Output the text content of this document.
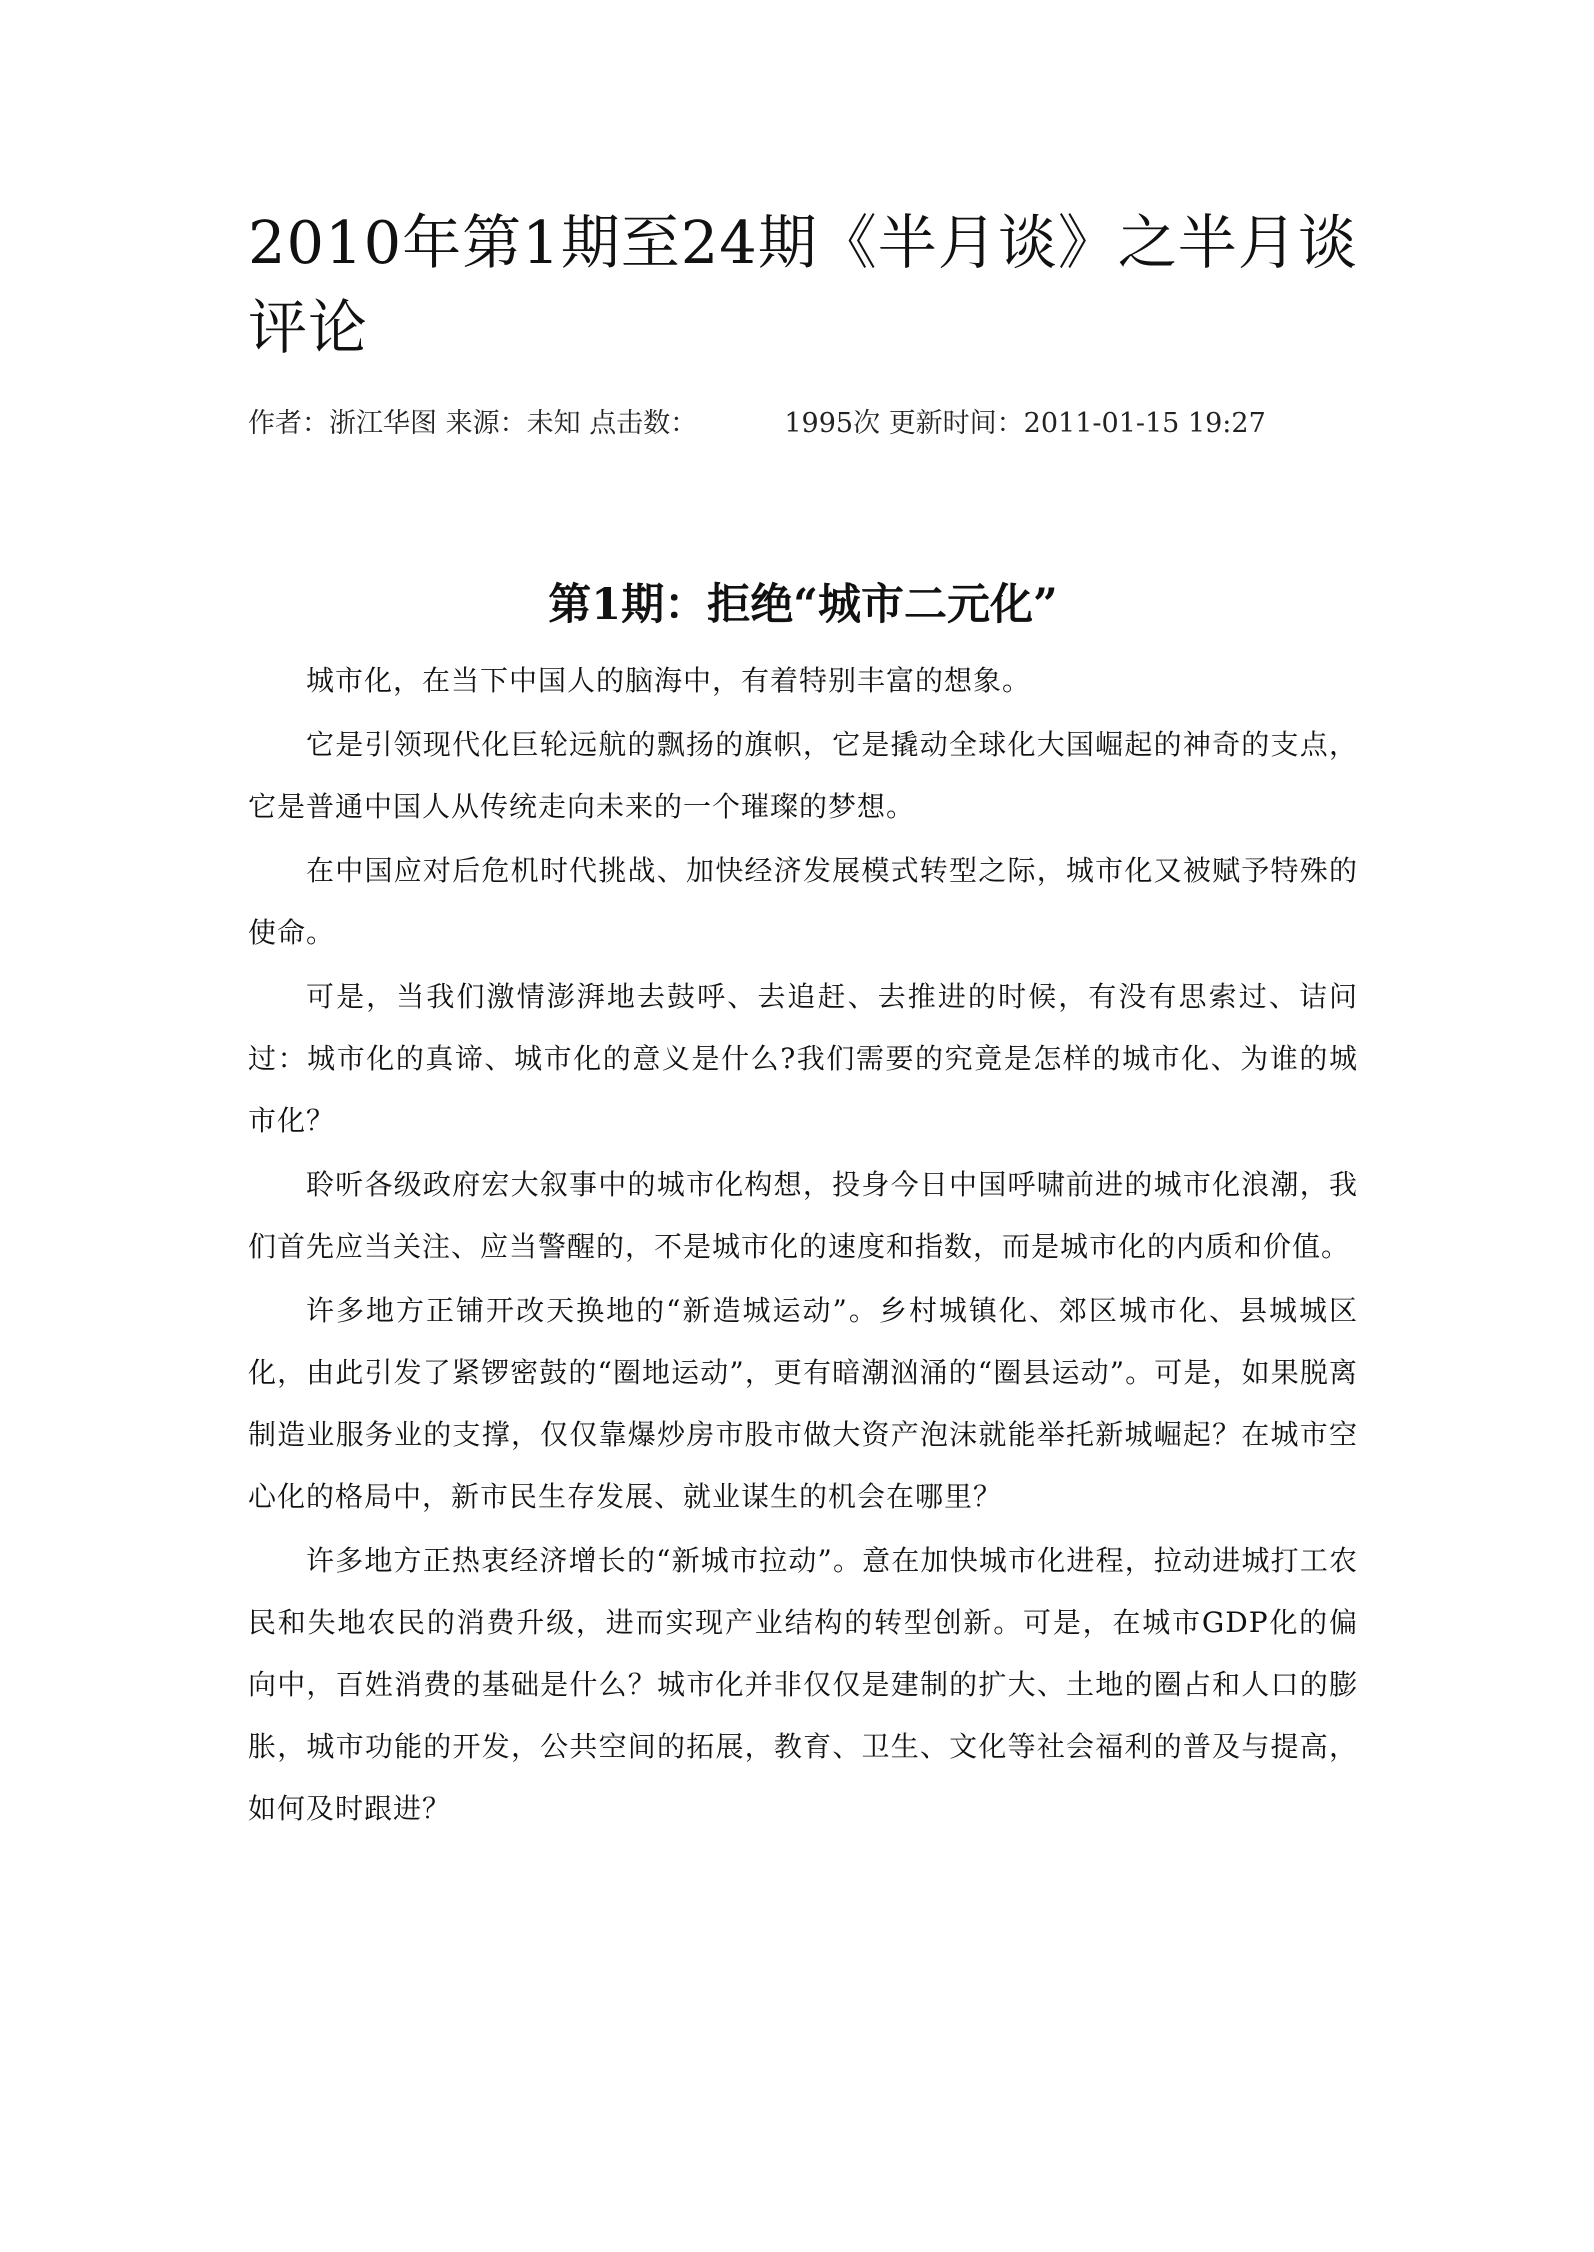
2010年第1期至24期《半月谈》之半月谈评论
作者：浙江华图 来源：未知 点击数：	1995次 更新时间：2011-01-15 19:27
第1期：拒绝“城市二元化”

城市化，在当下中国人的脑海中，有着特别丰富的想象。

它是引领现代化巨轮远航的飘扬的旗帜，它是撬动全球化大国崛起的神奇的支点，它是普通中国人从传统走向未来的一个璀璨的梦想。

在中国应对后危机时代挑战、加快经济发展模式转型之际，城市化又被赋予特殊的使命。

可是，当我们激情澎湃地去鼓呼、去追赶、去推进的时候，有没有思索过、诘问过：城市化的真谛、城市化的意义是什么?我们需要的究竟是怎样的城市化、为谁的城市化？

聆听各级政府宏大叙事中的城市化构想，投身今日中国呼啸前进的城市化浪潮，我们首先应当关注、应当警醒的，不是城市化的速度和指数，而是城市化的内质和价值。

许多地方正铺开改天换地的“新造城运动”。乡村城镇化、郊区城市化、县城城区化，由此引发了紧锣密鼓的“圈地运动”，更有暗潮汹涌的“圈县运动”。可是，如果脱离制造业服务业的支撑，仅仅靠爆炒房市股市做大资产泡沫就能举托新城崛起？在城市空心化的格局中，新市民生存发展、就业谋生的机会在哪里？

许多地方正热衷经济增长的“新城市拉动”。意在加快城市化进程，拉动进城打工农民和失地农民的消费升级，进而实现产业结构的转型创新。可是，在城市GDP化的偏向中，百姓消费的基础是什么？城市化并非仅仅是建制的扩大、土地的圈占和人口的膨胀，城市功能的开发，公共空间的拓展，教育、卫生、文化等社会福利的普及与提高，如何及时跟进？
